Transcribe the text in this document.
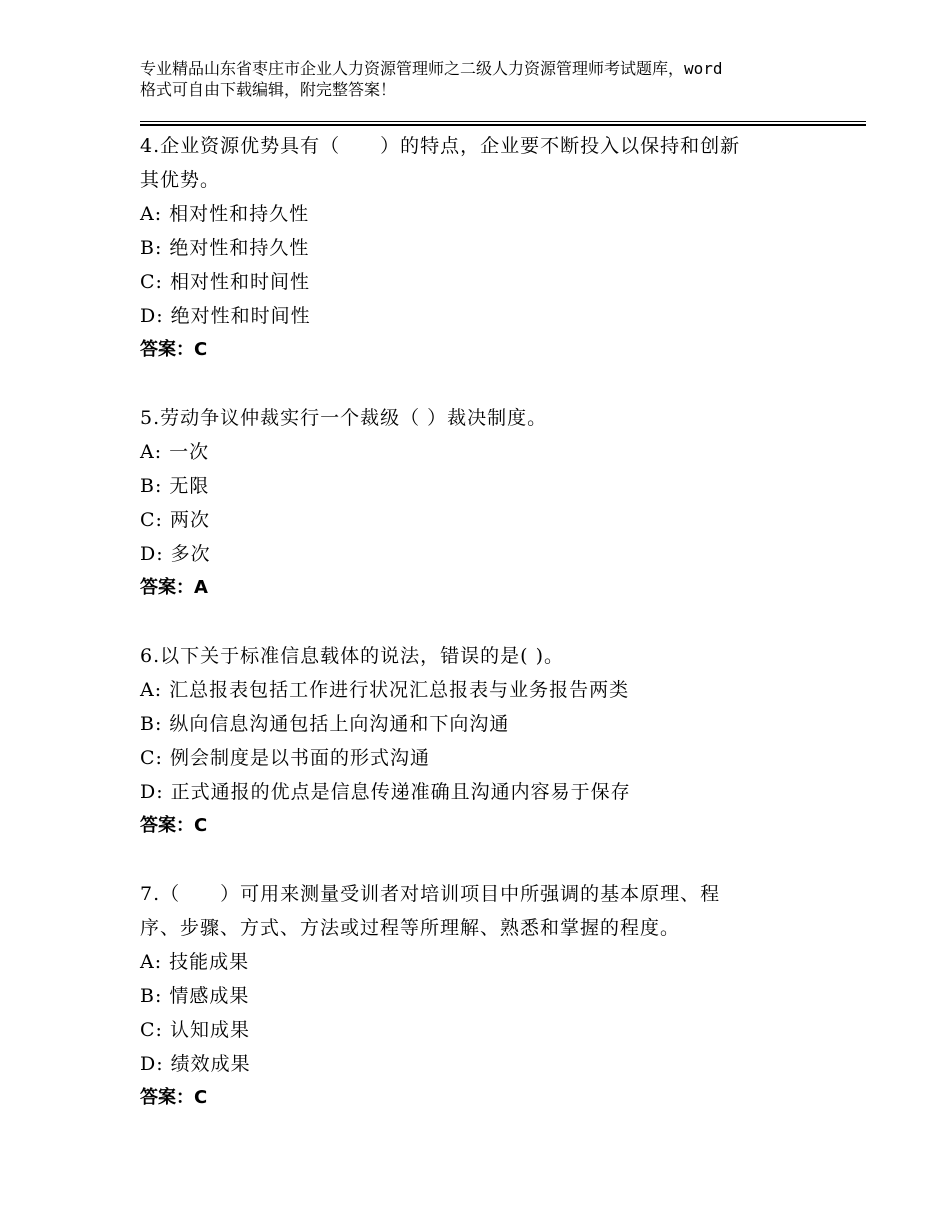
专业精品山东省枣庄市企业人力资源管理师之二级人力资源管理师考试题库，word
格式可自由下载编辑，附完整答案！

4.企业资源优势具有（　　）的特点，企业要不断投入以保持和创新

其优势。

A: 相对性和持久性

B: 绝对性和持久性

C: 相对性和时间性

D: 绝对性和时间性

答案：C

5.劳动争议仲裁实行一个裁级（ ）裁决制度。

A: 一次

B: 无限

C: 两次

D: 多次

答案：A

6.以下关于标准信息载体的说法，错误的是( )。

A: 汇总报表包括工作进行状况汇总报表与业务报告两类

B: 纵向信息沟通包括上向沟通和下向沟通

C: 例会制度是以书面的形式沟通

D: 正式通报的优点是信息传递准确且沟通内容易于保存

答案：C

7.（　　）可用来测量受训者对培训项目中所强调的基本原理、程

序、步骤、方式、方法或过程等所理解、熟悉和掌握的程度。

A: 技能成果

B: 情感成果

C: 认知成果

D: 绩效成果

答案：C
